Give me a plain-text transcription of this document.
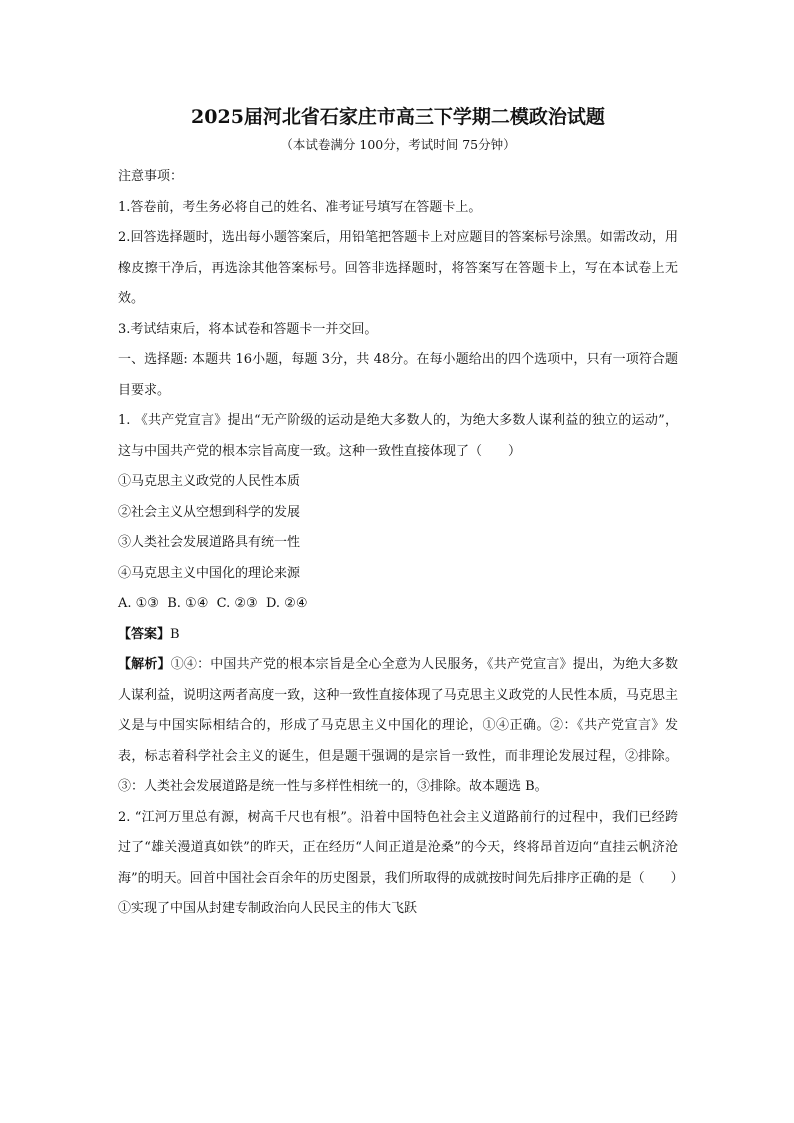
2025届河北省石家庄市高三下学期二模政治试题

（本试卷满分 100分，考试时间 75分钟）

注意事项：

1.答卷前，考生务必将自己的姓名、准考证号填写在答题卡上。

2.回答选择题时，选出每小题答案后，用铅笔把答题卡上对应题目的答案标号涂黑。如需改动，用橡皮擦干净后，再选涂其他答案标号。回答非选择题时，将答案写在答题卡上，写在本试卷上无效。

3.考试结束后，将本试卷和答题卡一并交回。

一、选择题: 本题共 16小题，每题 3分，共 48分。在每小题给出的四个选项中，只有一项符合题目要求。

1. 《共产党宣言》提出“无产阶级的运动是绝大多数人的，为绝大多数人谋利益的独立的运动”，这与中国共产党的根本宗旨高度一致。这种一致性直接体现了（　　）

①马克思主义政党的人民性本质

②社会主义从空想到科学的发展

③人类社会发展道路具有统一性

④马克思主义中国化的理论来源

A. ①③  B. ①④  C. ②③  D. ②④

【答案】B

【解析】①④：中国共产党的根本宗旨是全心全意为人民服务，《共产党宣言》提出，为绝大多数人谋利益，说明这两者高度一致，这种一致性直接体现了马克思主义政党的人民性本质，马克思主义是与中国实际相结合的，形成了马克思主义中国化的理论，①④正确。②：《共产党宣言》发表，标志着科学社会主义的诞生，但是题干强调的是宗旨一致性，而非理论发展过程，②排除。③：人类社会发展道路是统一性与多样性相统一的，③排除。故本题选 B。

2. “江河万里总有源，树高千尺也有根”。沿着中国特色社会主义道路前行的过程中，我们已经跨过了“雄关漫道真如铁”的昨天，正在经历“人间正道是沧桑”的今天，终将昂首迈向“直挂云帆济沧海”的明天。回首中国社会百余年的历史图景，我们所取得的成就按时间先后排序正确的是（　　）

①实现了中国从封建专制政治向人民民主的伟大飞跃
